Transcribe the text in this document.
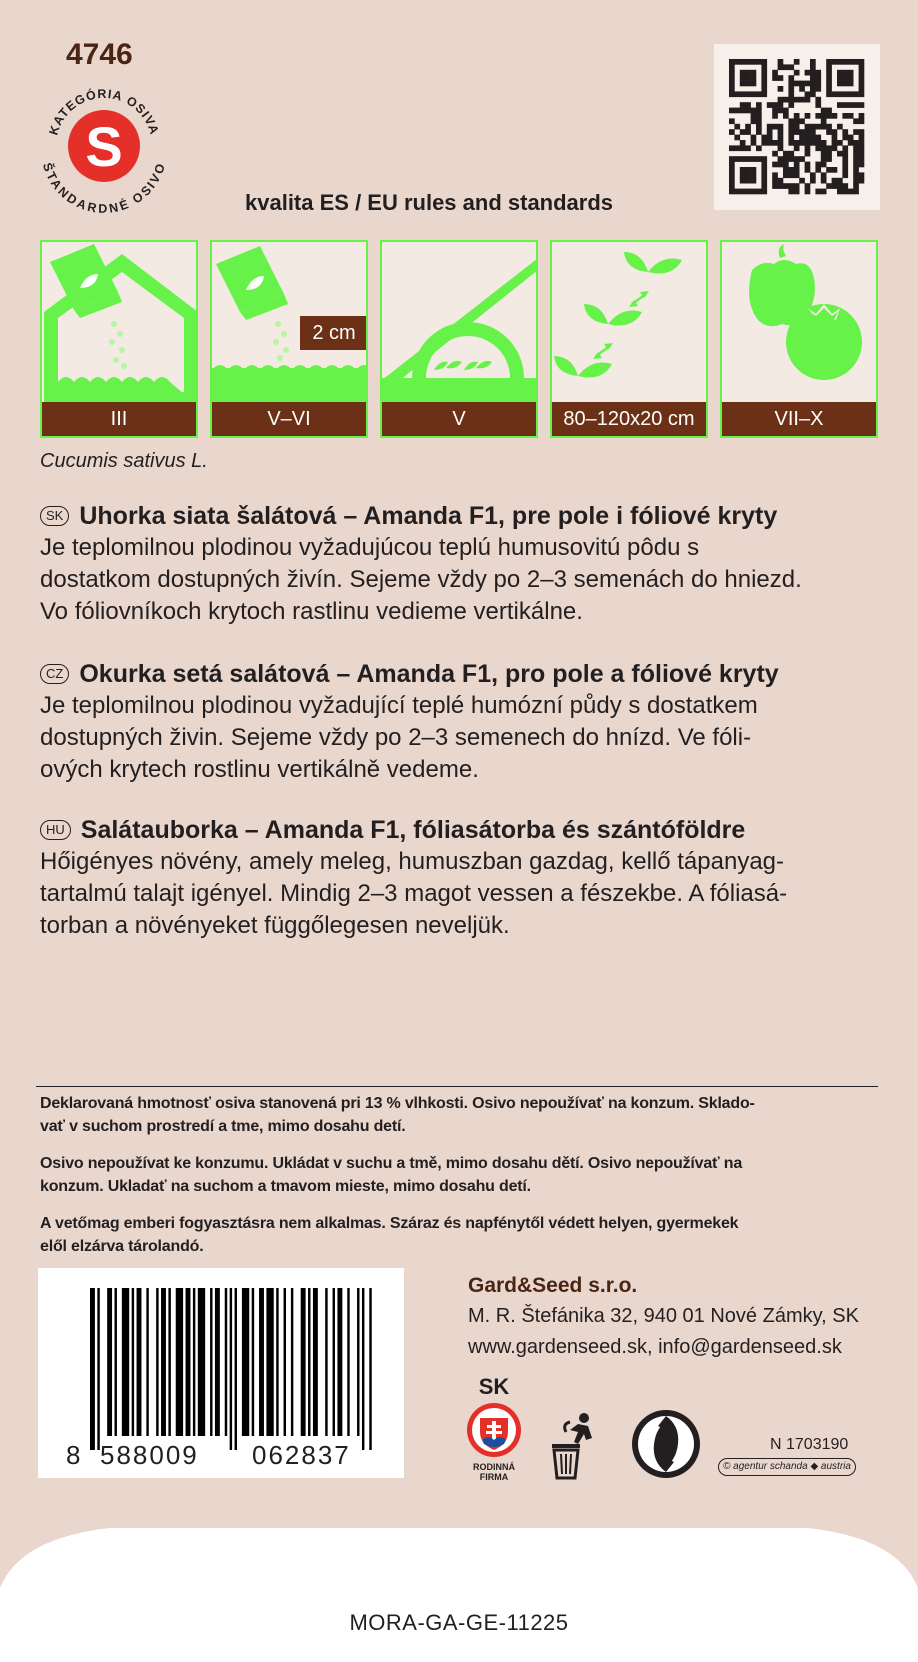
4746
S
KATEGÓRIA OSIVA
ŠTANDARDNÉ OSIVO
kvalita ES / EU rules and standards
III
2 cm
V–VI	V	80–120x20 cm	VII–X
Cucumis sativus L.
SK Uhorka siata šalátová – Amanda F1, pre pole i fóliové kryty
Je teplomilnou plodinou vyžadujúcou teplú humusovitú pôdu s
dostatkom dostupných živín. Sejeme vždy po 2–3 semenách do hniezd.
Vo fóliovníkoch krytoch rastlinu vedieme vertikálne.
CZ Okurka setá salátová – Amanda F1, pro pole a fóliové kryty
Je teplomilnou plodinou vyžadující teplé humózní půdy s dostatkem
dostupných živin. Sejeme vždy po 2–3 semenech do hnízd. Ve fóli-
ových krytech rostlinu vertikálně vedeme.
HU Salátauborka – Amanda F1, fóliasátorba és szántóföldre
Hőigényes növény, amely meleg, humuszban gazdag, kellő tápanyag-
tartalmú talajt igényel. Mindig 2–3 magot vessen a fészekbe. A fóliasá-
torban a növényeket függőlegesen neveljük.
Deklarovaná hmotnosť osiva stanovená pri 13 % vlhkosti. Osivo nepoužívať na konzum. Sklado-
vať v suchom prostredí a tme, mimo dosahu detí.
Osivo nepoužívat ke konzumu. Ukládat v suchu a tmě, mimo dosahu dětí. Osivo nepoužívať na
konzum. Ukladať na suchom a tmavom mieste, mimo dosahu detí.
A vetőmag emberi fogyasztásra nem alkalmas. Száraz és napfénytől védett helyen, gyermekek
elől elzárva tárolandó.
8 588009 062837
Gard&Seed s.r.o.
M. R. Štefánika 32, 940 01 Nové Zámky, SK
www.gardenseed.sk, info@gardenseed.sk
SK
RODINNÁ
FIRMA
N 1703190
© agentur schanda ◆ austria
MORA-GA-GE-11225
